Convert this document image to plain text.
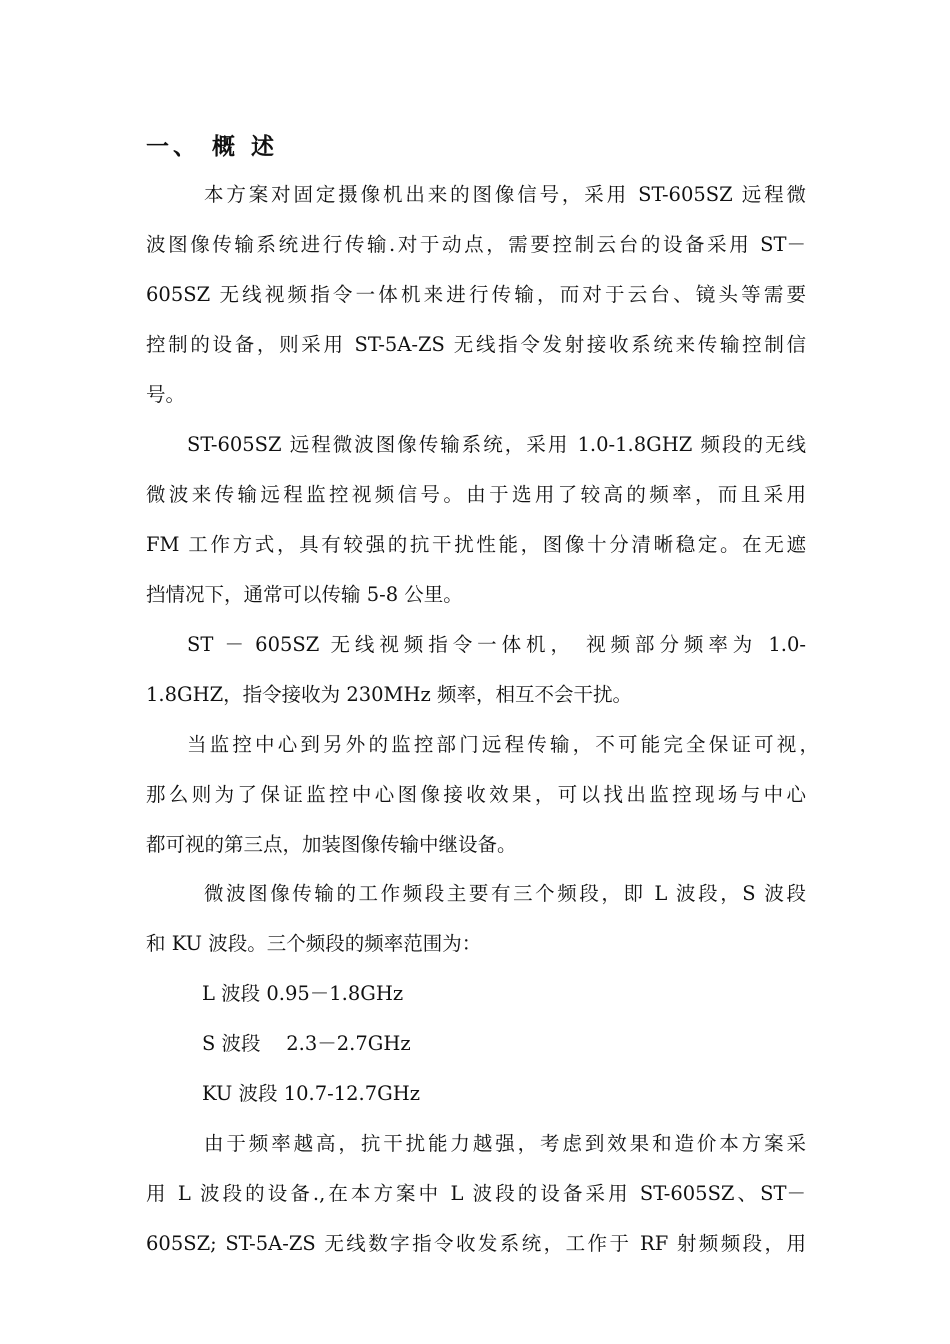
一、 概 述
本方案对固定摄像机出来的图像信号，采用 ST-605SZ 远程微
波图像传输系统进行传输.对于动点，需要控制云台的设备采用 ST－
605SZ 无线视频指令一体机来进行传输，而对于云台、镜头等需要
控制的设备，则采用 ST-5A-ZS 无线指令发射接收系统来传输控制信
号。
ST-605SZ 远程微波图像传输系统，采用 1.0-1.8GHZ 频段的无线
微波来传输远程监控视频信号。由于选用了较高的频率，而且采用
FM 工作方式，具有较强的抗干扰性能，图像十分清晰稳定。在无遮
挡情况下，通常可以传输 5-8 公里。
ST － 605SZ 无线视频指令一体机， 视频部分频率为 1.0-
1.8GHZ，指令接收为 230MHz 频率，相互不会干扰。
当监控中心到另外的监控部门远程传输，不可能完全保证可视，
那么则为了保证监控中心图像接收效果，可以找出监控现场与中心
都可视的第三点，加装图像传输中继设备。
微波图像传输的工作频段主要有三个频段，即 L 波段，S 波段
和 KU 波段。三个频段的频率范围为：
L 波段 0.95－1.8GHz
S 波段　 2.3－2.7GHz
KU 波段 10.7-12.7GHz
由于频率越高，抗干扰能力越强，考虑到效果和造价本方案采
用 L 波段的设备.,在本方案中 L 波段的设备采用 ST-605SZ、ST－
605SZ; ST-5A-ZS 无线数字指令收发系统，工作于 RF 射频频段，用
